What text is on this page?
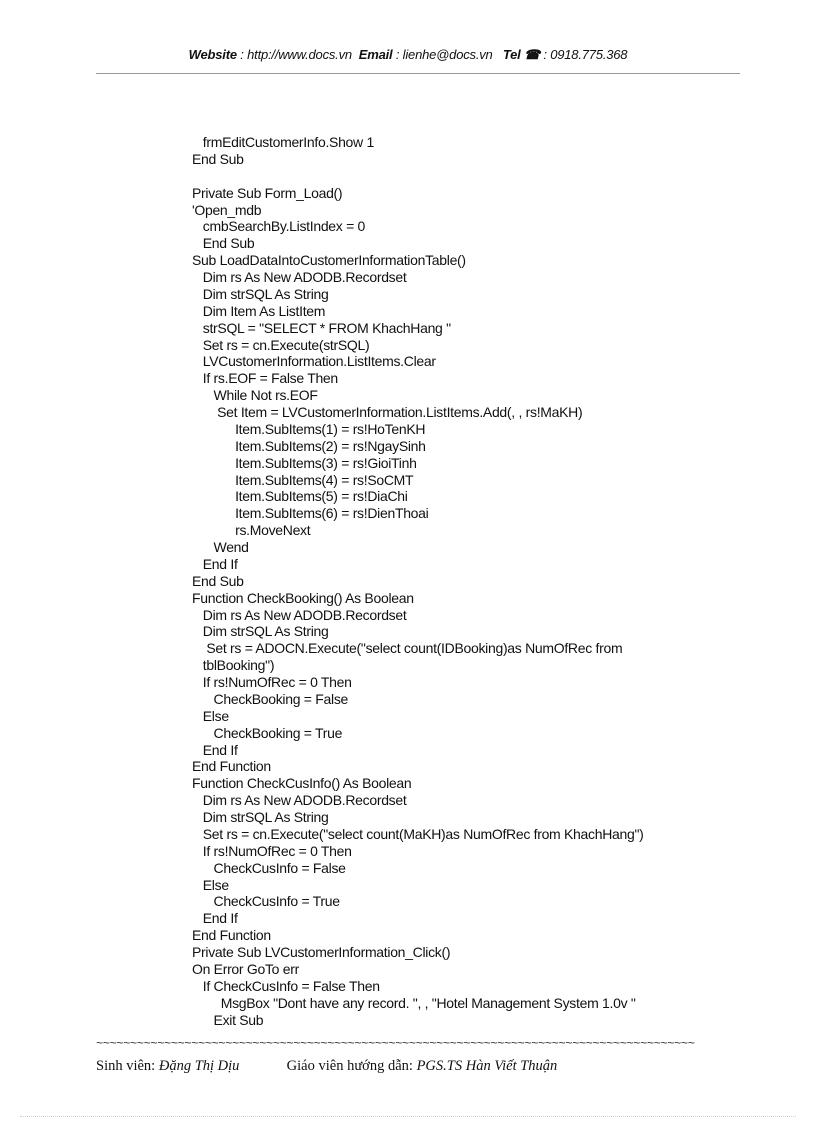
Website : http://www.docs.vn Email : lienhe@docs.vn Tel ☎ : 0918.775.368
frmEditCustomerInfo.Show 1
End Sub
Private Sub Form_Load()
'Open_mdb
cmbSearchBy.ListIndex = 0
End Sub
Sub LoadDataIntoCustomerInformationTable()
Dim rs As New ADODB.Recordset
Dim strSQL As String
Dim Item As ListItem
strSQL = "SELECT * FROM KhachHang "
Set rs = cn.Execute(strSQL)
LVCustomerInformation.ListItems.Clear
If rs.EOF = False Then
While Not rs.EOF
Set Item = LVCustomerInformation.ListItems.Add(, , rs!MaKH)
Item.SubItems(1) = rs!HoTenKH
Item.SubItems(2) = rs!NgaySinh
Item.SubItems(3) = rs!GioiTinh
Item.SubItems(4) = rs!SoCMT
Item.SubItems(5) = rs!DiaChi
Item.SubItems(6) = rs!DienThoai
rs.MoveNext
Wend
End If
End Sub
Function CheckBooking() As Boolean
Dim rs As New ADODB.Recordset
Dim strSQL As String
Set rs = ADOCN.Execute("select count(IDBooking)as NumOfRec from
tblBooking")
If rs!NumOfRec = 0 Then
CheckBooking = False
Else
CheckBooking = True
End If
End Function
Function CheckCusInfo() As Boolean
Dim rs As New ADODB.Recordset
Dim strSQL As String
Set rs = cn.Execute("select count(MaKH)as NumOfRec from KhachHang")
If rs!NumOfRec = 0 Then
CheckCusInfo = False
Else
CheckCusInfo = True
End If
End Function
Private Sub LVCustomerInformation_Click()
On Error GoTo err
If CheckCusInfo = False Then
MsgBox "Dont have any record. ", , "Hotel Management System 1.0v "
Exit Sub
~~~~~~~~~~~~~~~~~~~~~~~~~~~~~~~~~~~~~~~~~~~~~~~~~~~~~~~~~~~~~~~~~~~~~~~~~~~~~~~~~~~~~~~~
Sinh viên: Đặng Thị Dịu	Giáo viên hướng dẫn: PGS.TS Hàn Viết Thuận
